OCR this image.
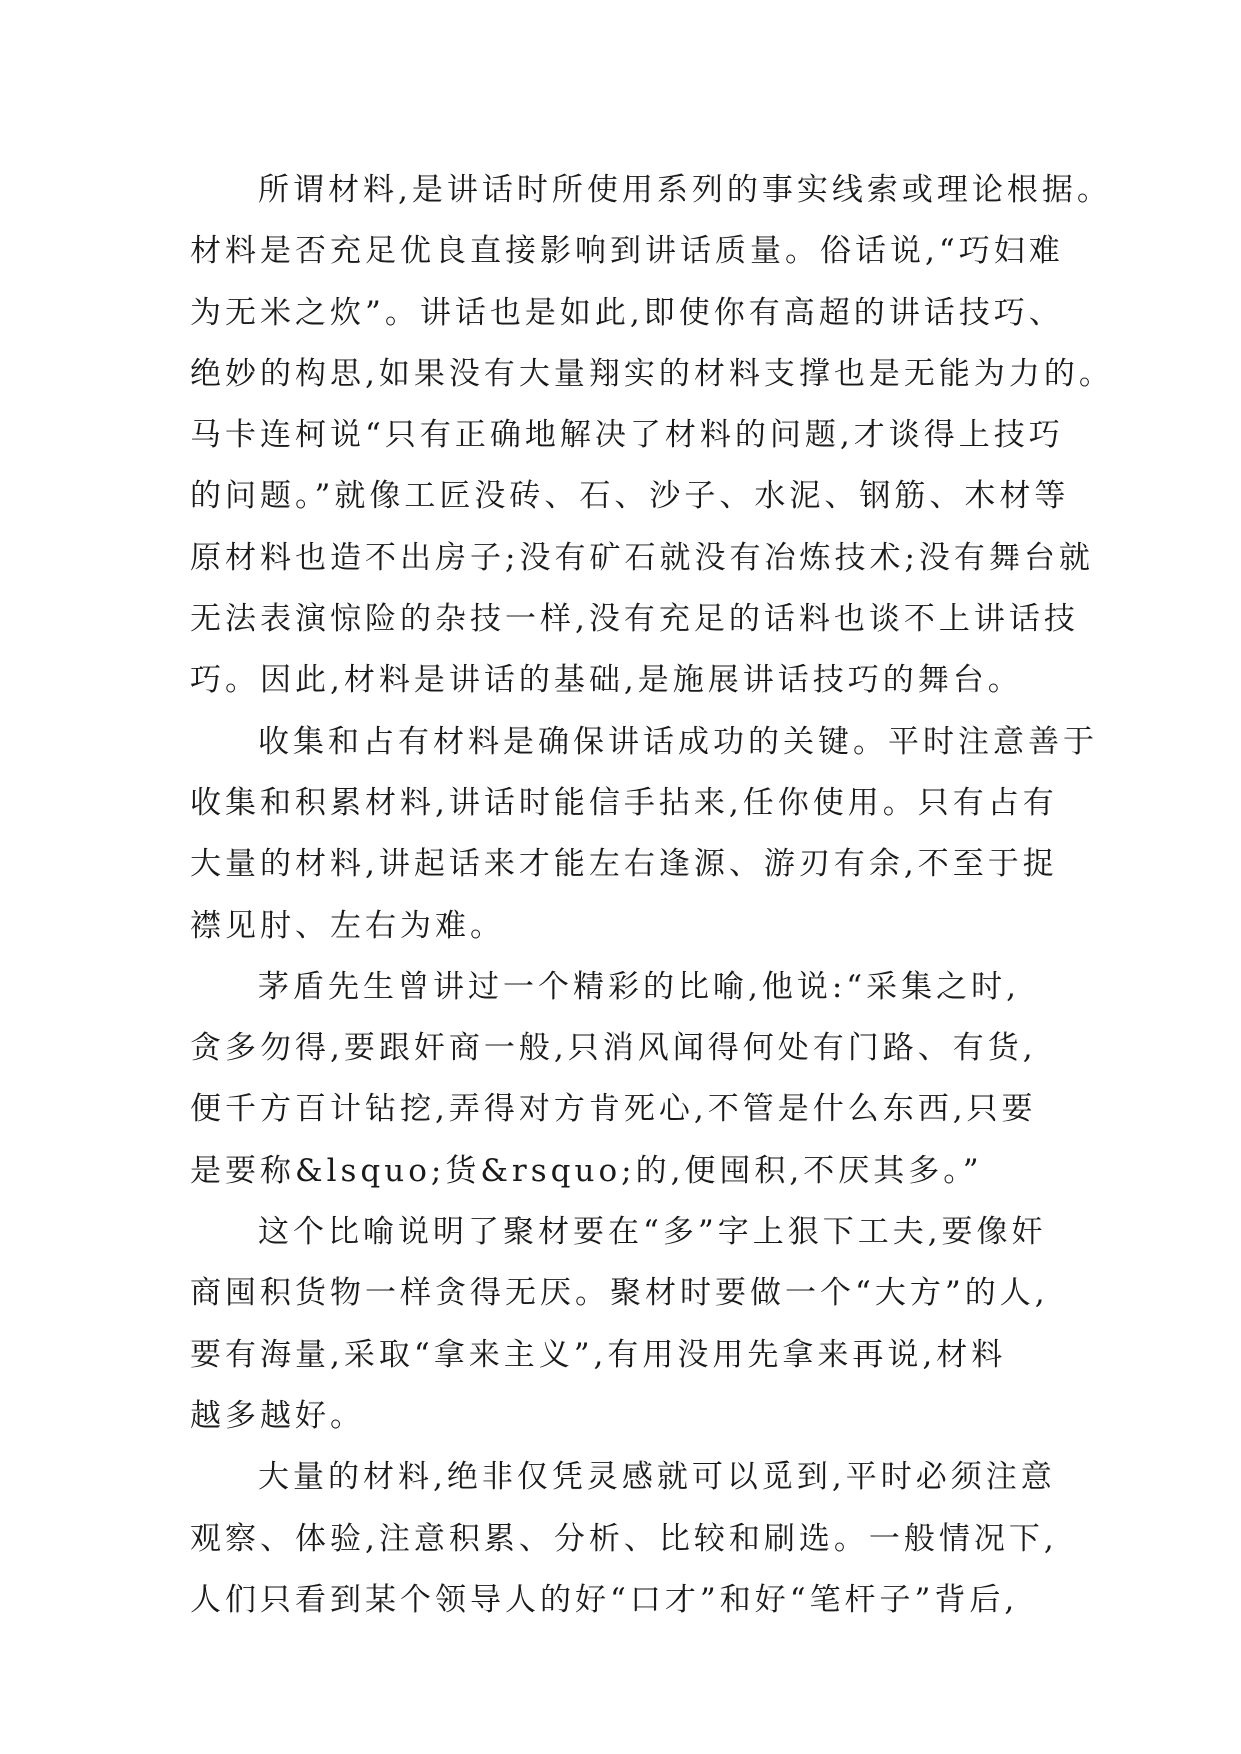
所谓材料,是讲话时所使用系列的事实线索或理论根据。
材料是否充足优良直接影响到讲话质量。俗话说,“巧妇难
为无米之炊”。讲话也是如此,即使你有高超的讲话技巧、
绝妙的构思,如果没有大量翔实的材料支撑也是无能为力的。
马卡连柯说“只有正确地解决了材料的问题,才谈得上技巧
的问题。”就像工匠没砖、石、沙子、水泥、钢筋、木材等
原材料也造不出房子;没有矿石就没有冶炼技术;没有舞台就
无法表演惊险的杂技一样,没有充足的话料也谈不上讲话技
巧。因此,材料是讲话的基础,是施展讲话技巧的舞台。
收集和占有材料是确保讲话成功的关键。平时注意善于
收集和积累材料,讲话时能信手拈来,任你使用。只有占有
大量的材料,讲起话来才能左右逢源、游刃有余,不至于捉
襟见肘、左右为难。
茅盾先生曾讲过一个精彩的比喻,他说:“采集之时,
贪多勿得,要跟奸商一般,只消风闻得何处有门路、有货,
便千方百计钻挖,弄得对方肯死心,不管是什么东西,只要
是要称&lsquo;货&rsquo;的,便囤积,不厌其多。”
这个比喻说明了聚材要在“多”字上狠下工夫,要像奸
商囤积货物一样贪得无厌。聚材时要做一个“大方”的人,
要有海量,采取“拿来主义”,有用没用先拿来再说,材料
越多越好。
大量的材料,绝非仅凭灵感就可以觅到,平时必须注意
观察、体验,注意积累、分析、比较和刷选。一般情况下,
人们只看到某个领导人的好“口才”和好“笔杆子”背后,
